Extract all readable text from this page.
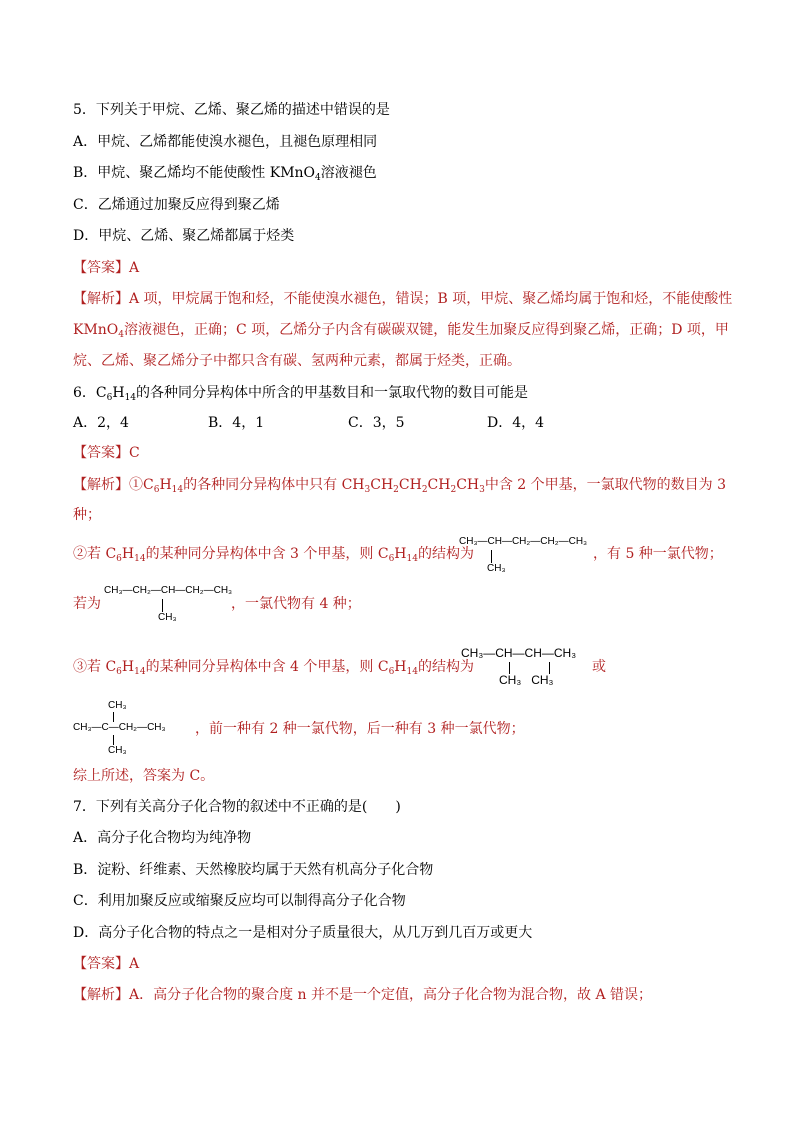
5．下列关于甲烷、乙烯、聚乙烯的描述中错误的是
A．甲烷、乙烯都能使溴水褪色，且褪色原理相同
B．甲烷、聚乙烯均不能使酸性 KMnO$_4$溶液褪色
C．乙烯通过加聚反应得到聚乙烯
D．甲烷、乙烯、聚乙烯都属于烃类
【答案】A
【解析】A 项，甲烷属于饱和烃，不能使溴水褪色，错误；B 项，甲烷、聚乙烯均属于饱和烃，不能使酸性
KMnO$_4$溶液褪色，正确；C 项，乙烯分子内含有碳碳双键，能发生加聚反应得到聚乙烯，正确；D 项，甲
烷、乙烯、聚乙烯分子中都只含有碳、氢两种元素，都属于烃类，正确。
6．$C_6H_{14}$的各种同分异构体中所含的甲基数目和一氯取代物的数目可能是
A．2，4	B．4，1	C．3，5	D．4，4
【答案】C
【解析】$①C_6H_{14}$的各种同分异构体中只有 $CH_3CH_2CH_2CH_2CH_3$中含 2 个甲基，一氯取代物的数目为 3
种；
②若 $C_6H_{14}$的某种同分异构体中含 3 个甲基，则 $C_6H_{14}$的结构为	，有 5 种一氯代物；
CH₃—CH—CH₂—CH₂—CH₃
CH₃
若为
CH₃—CH₂—CH—CH₂—CH₃
CH₃
，一氯代物有 4 种；
③若 $C_6H_{14}$的某种同分异构体中含 4 个甲基，则 $C_6H_{14}$的结构为
CH₃—CH—CH—CH₃
CH₃   CH₃
或
CH₃
CH₃—C—CH₂—CH₃
CH₃
，前一种有 2 种一氯代物，后一种有 3 种一氯代物；
综上所述，答案为 C。
7．下列有关高分子化合物的叙述中不正确的是(　　)
A．高分子化合物均为纯净物
B．淀粉、纤维素、天然橡胶均属于天然有机高分子化合物
C．利用加聚反应或缩聚反应均可以制得高分子化合物
D．高分子化合物的特点之一是相对分子质量很大，从几万到几百万或更大
【答案】A
【解析】A．高分子化合物的聚合度 n 并不是一个定值，高分子化合物为混合物，故 A 错误；
